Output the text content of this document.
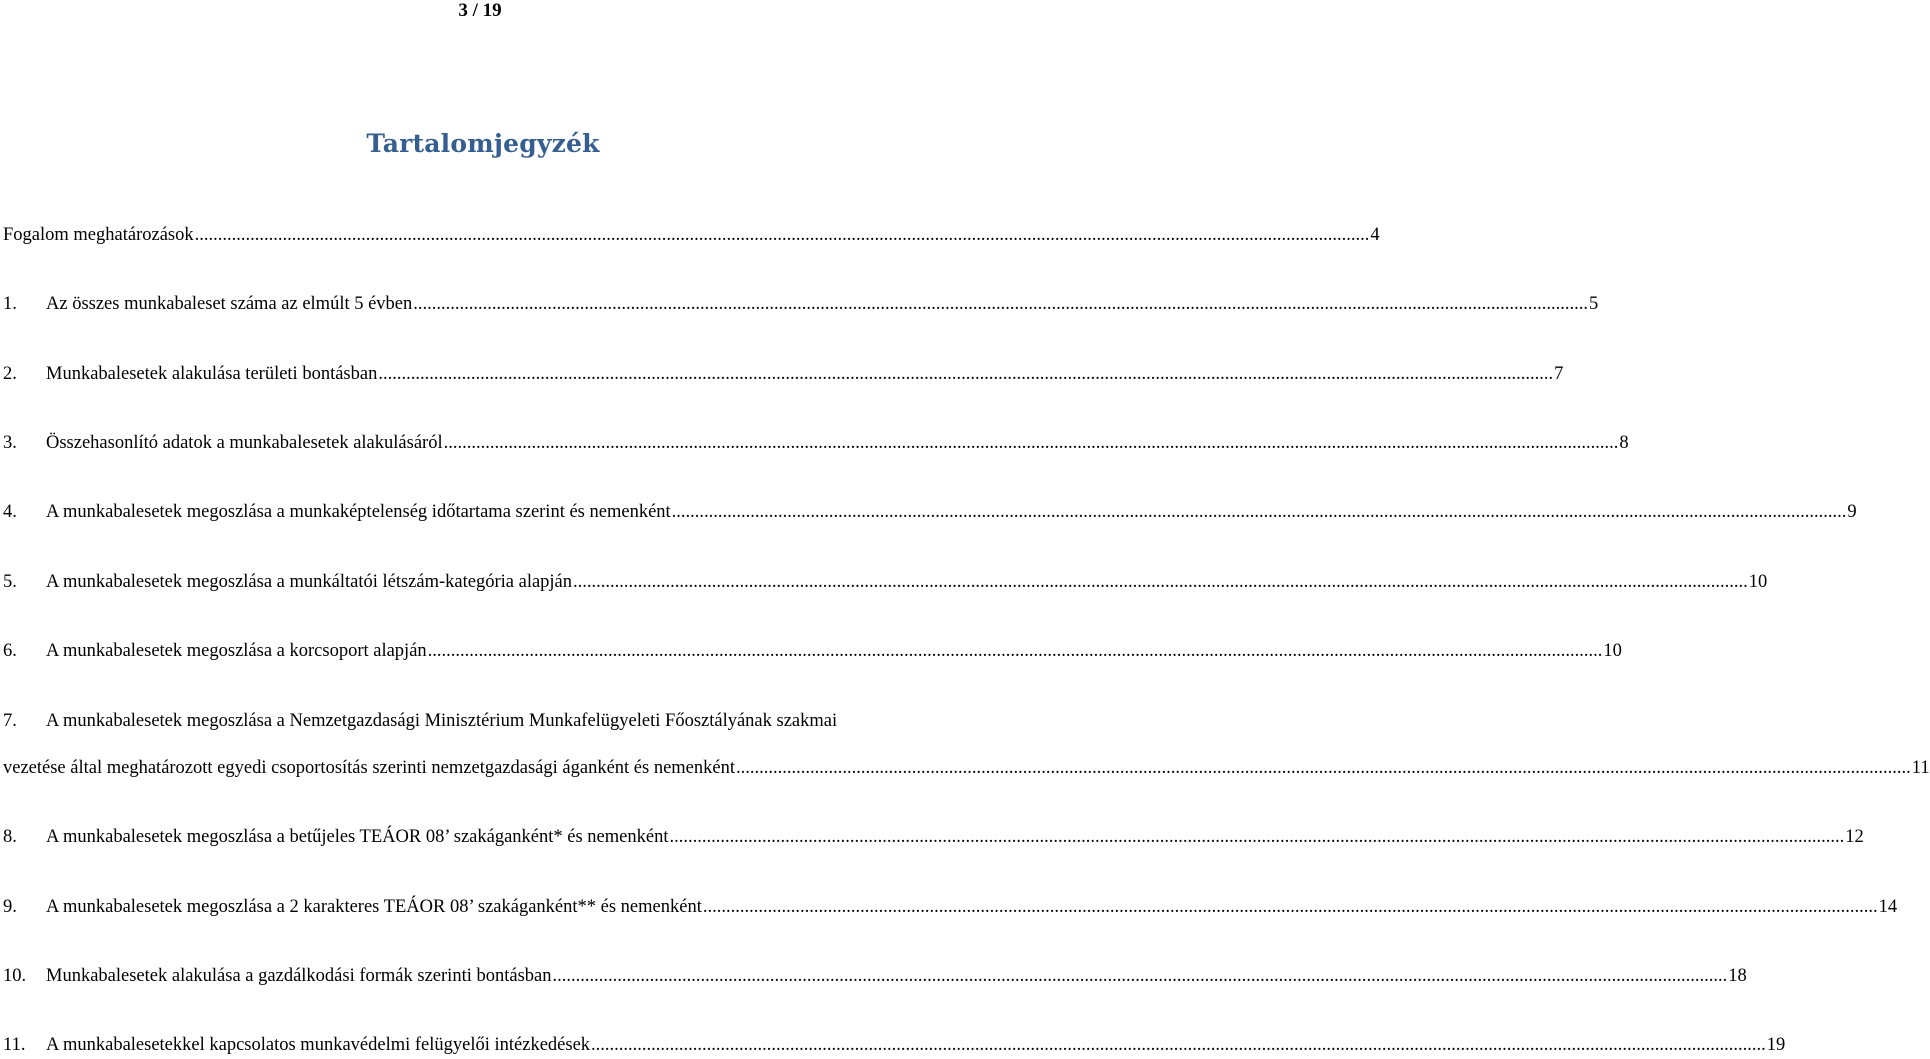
3 / 19
Tartalomjegyzék
Fogalom meghatározások .....	4
1.	Az összes munkabaleset száma az elmúlt 5 évben .....	5
2.	Munkabalesetek alakulása területi bontásban .....	7
3.	Összehasonlító adatok a munkabalesetek alakulásáról .....	8
4.	A munkabalesetek megoszlása a munkaképtelenség időtartama szerint és nemenként .....	9
5.	A munkabalesetek megoszlása a munkáltatói létszám-kategória alapján .....	10
6.	A munkabalesetek megoszlása a korcsoport alapján .....	10
7.	A munkabalesetek megoszlása a Nemzetgazdasági Minisztérium Munkafelügyeleti Főosztályának szakmai
vezetése által meghatározott egyedi csoportosítás szerinti nemzetgazdasági áganként és nemenként .....	11
8.	A munkabalesetek megoszlása a betűjeles TEÁOR 08’ szakáganként* és nemenként .....	12
9.	A munkabalesetek megoszlása a 2 karakteres TEÁOR 08’ szakáganként** és nemenként .....	14
10.	Munkabalesetek alakulása a gazdálkodási formák szerinti bontásban .....	18
11.	A munkabalesetekkel kapcsolatos munkavédelmi felügyelői intézkedések .....	19
